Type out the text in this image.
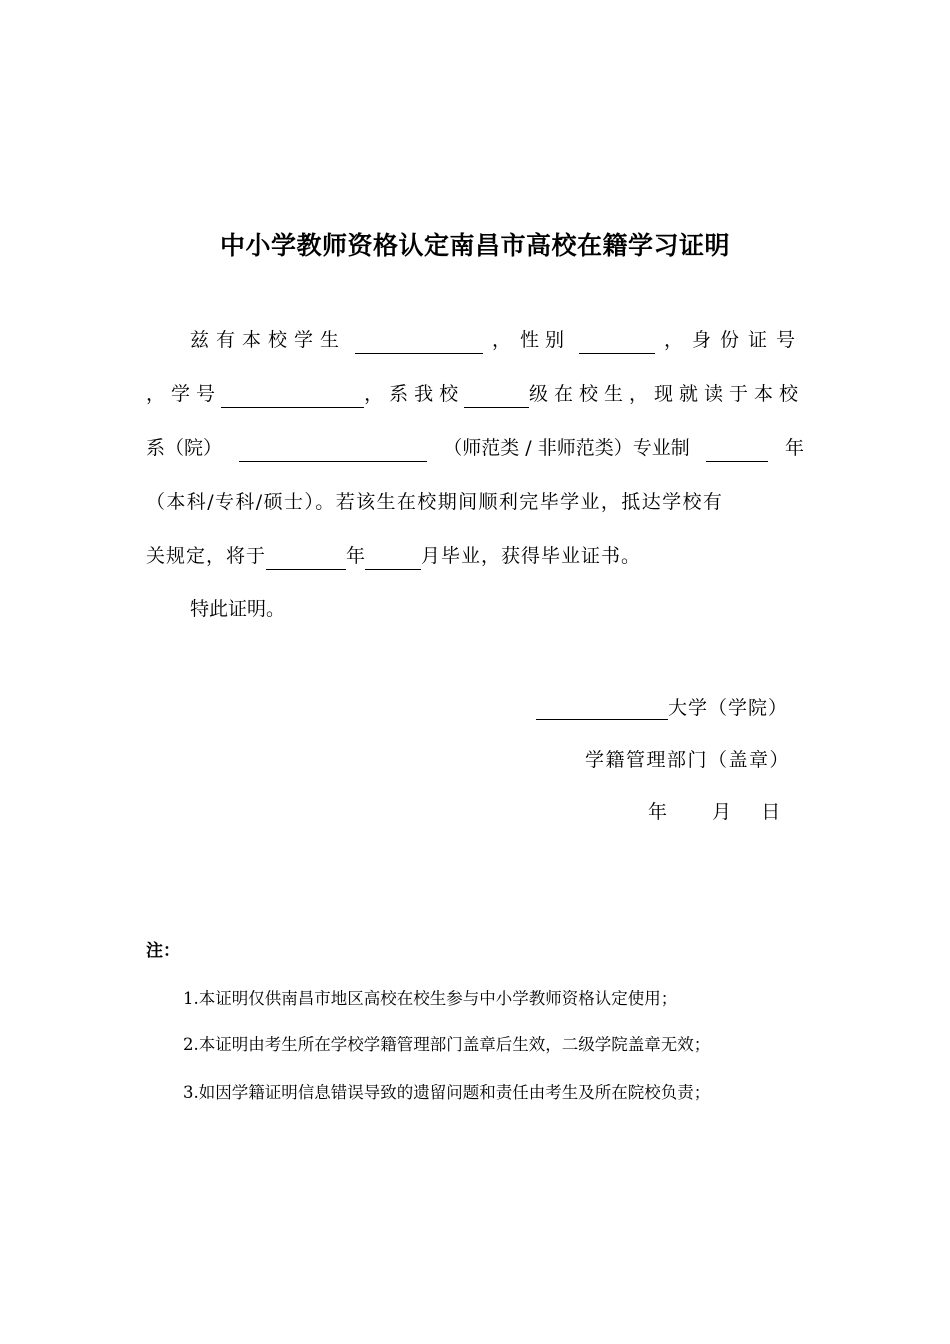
中小学教师资格认定南昌市高校在籍学习证明
兹有本校学生	， 性别	，身份证号
，学号	，系我校	级在校生，现就读于本校
系（院）	（师范类 / 非师范类）专业制	年
（本科/专科/硕士）。若该生在校期间顺利完毕学业，抵达学校有
关规定，将于	年	月毕业，获得毕业证书。
特此证明。
大学（学院）
学籍管理部门（盖章）
年 月 日
注：
1.本证明仅供南昌市地区高校在校生参与中小学教师资格认定使用；
2.本证明由考生所在学校学籍管理部门盖章后生效，二级学院盖章无效；
3.如因学籍证明信息错误导致的遗留问题和责任由考生及所在院校负责；
